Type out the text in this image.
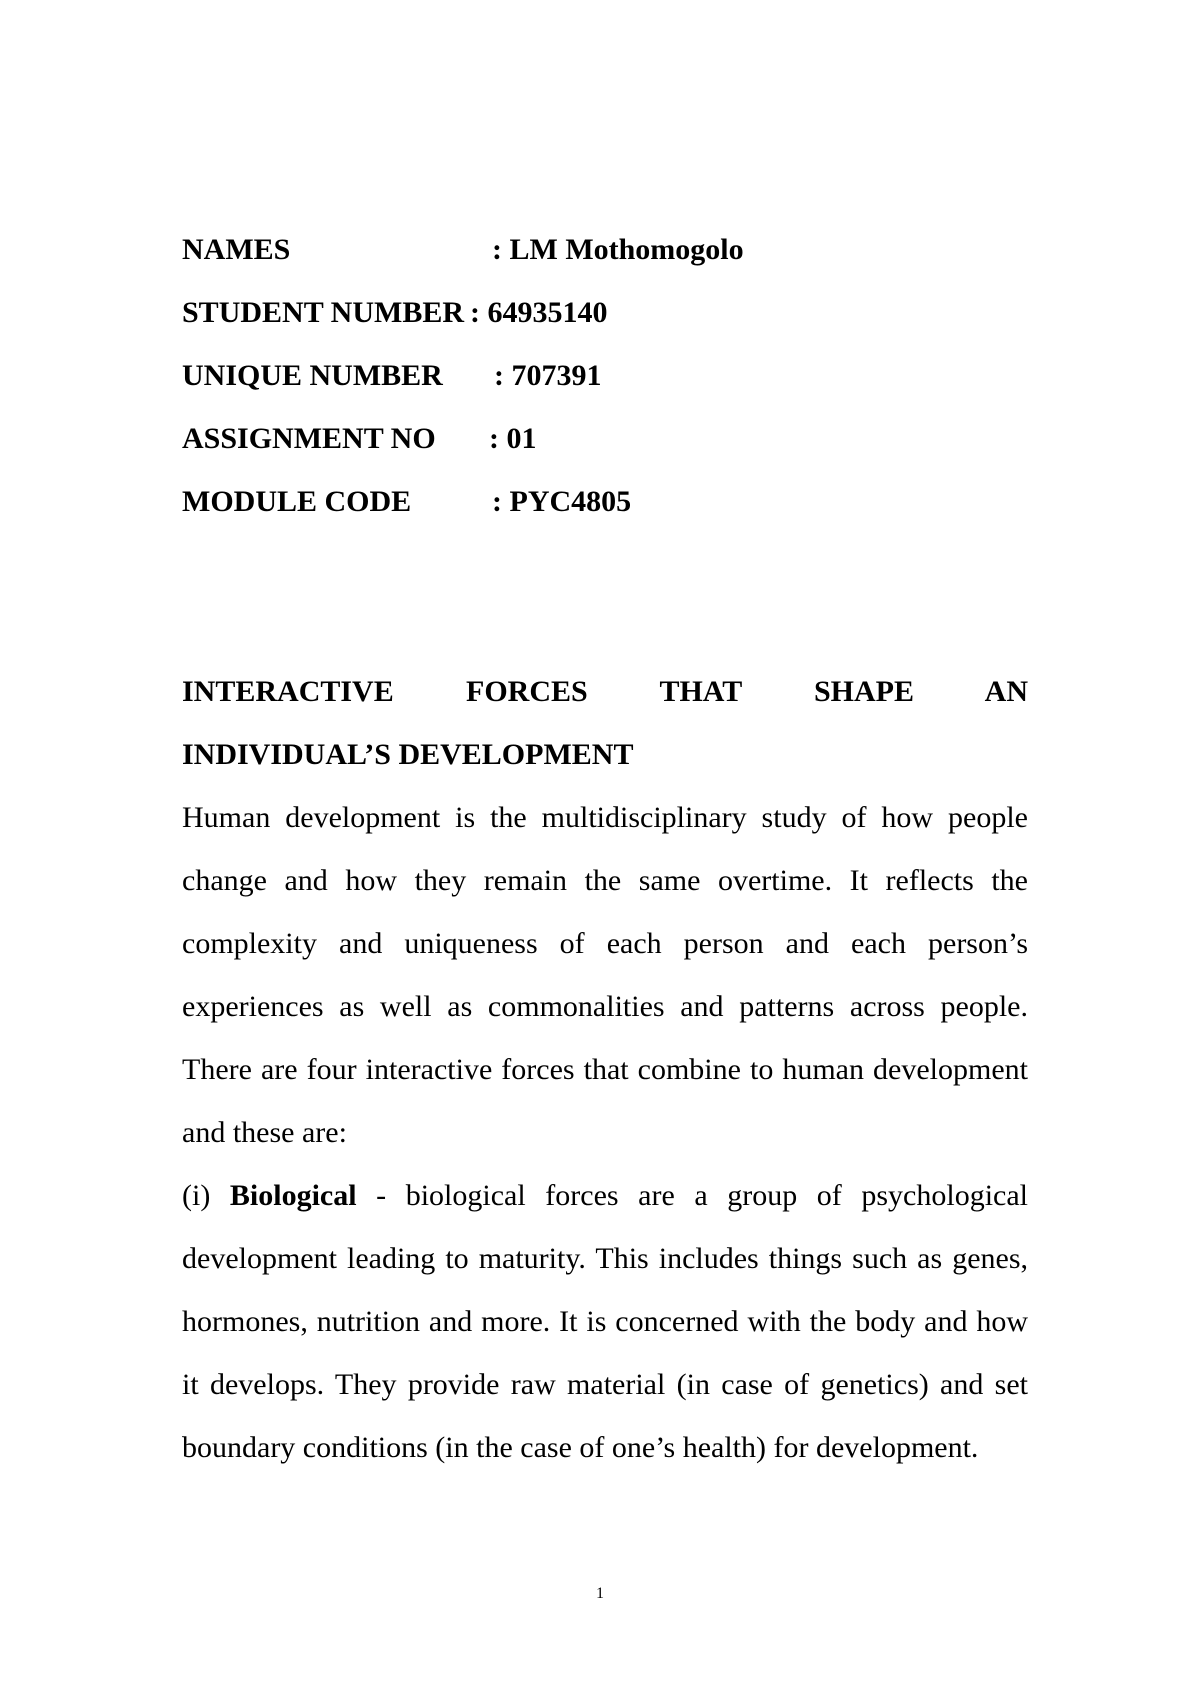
NAMES	: LM Mothomogolo
STUDENT NUMBER : 64935140
UNIQUE NUMBER	: 707391
ASSIGNMENT NO	: 01
MODULE CODE	: PYC4805
INTERACTIVE FORCES THAT SHAPE AN
INDIVIDUAL’S DEVELOPMENT

Human development is the multidisciplinary study of how people change and how they remain the same overtime. It reflects the complexity and uniqueness of each person and each person’s experiences as well as commonalities and patterns across people. There are four interactive forces that combine to human development and these are:

(i) Biological - biological forces are a group of psychological development leading to maturity. This includes things such as genes, hormones, nutrition and more. It is concerned with the body and how it develops. They provide raw material (in case of genetics) and set boundary conditions (in the case of one’s health) for development.

1
